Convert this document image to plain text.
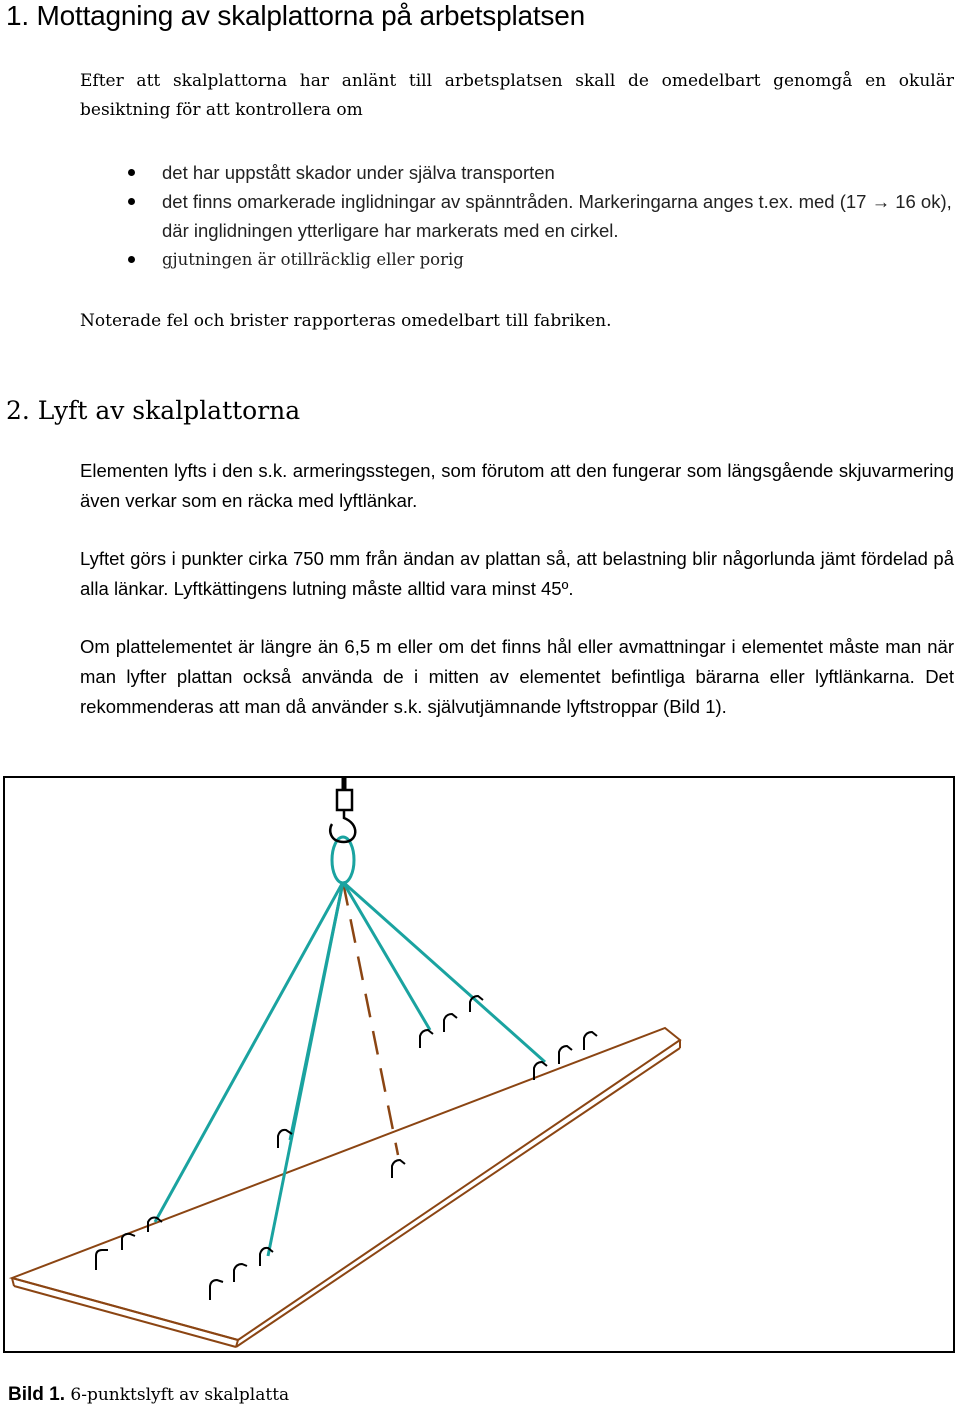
1. Mottagning av skalplattorna på arbetsplatsen

Efter att skalplattorna har anlänt till arbetsplatsen skall de omedelbart genomgå en okulär besiktning för att kontrollera om

det har uppstått skador under själva transporten
det finns omarkerade inglidningar av spänntråden. Markeringarna anges t.ex. med (17 → 16 ok), där inglidningen ytterligare har markerats med en cirkel.
gjutningen är otillräcklig eller porig

Noterade fel och brister rapporteras omedelbart till fabriken.

2. Lyft av skalplattorna

Elementen lyfts i den s.k. armeringsstegen, som förutom att den fungerar som längsgående skjuvarmering även verkar som en räcka med lyftlänkar.

Lyftet görs i punkter cirka 750 mm från ändan av plattan så, att belastning blir någorlunda jämt fördelad på alla länkar. Lyftkättingens lutning måste alltid vara minst 45º.

Om plattelementet är längre än 6,5 m eller om det finns hål eller avmattningar i elementet måste man när man lyfter plattan också använda de i mitten av elementet befintliga bärarna eller lyftlänkarna. Det rekommenderas att man då använder s.k. självutjämnande lyftstroppar (Bild 1).

Bild 1. 6-punktslyft av skalplatta
